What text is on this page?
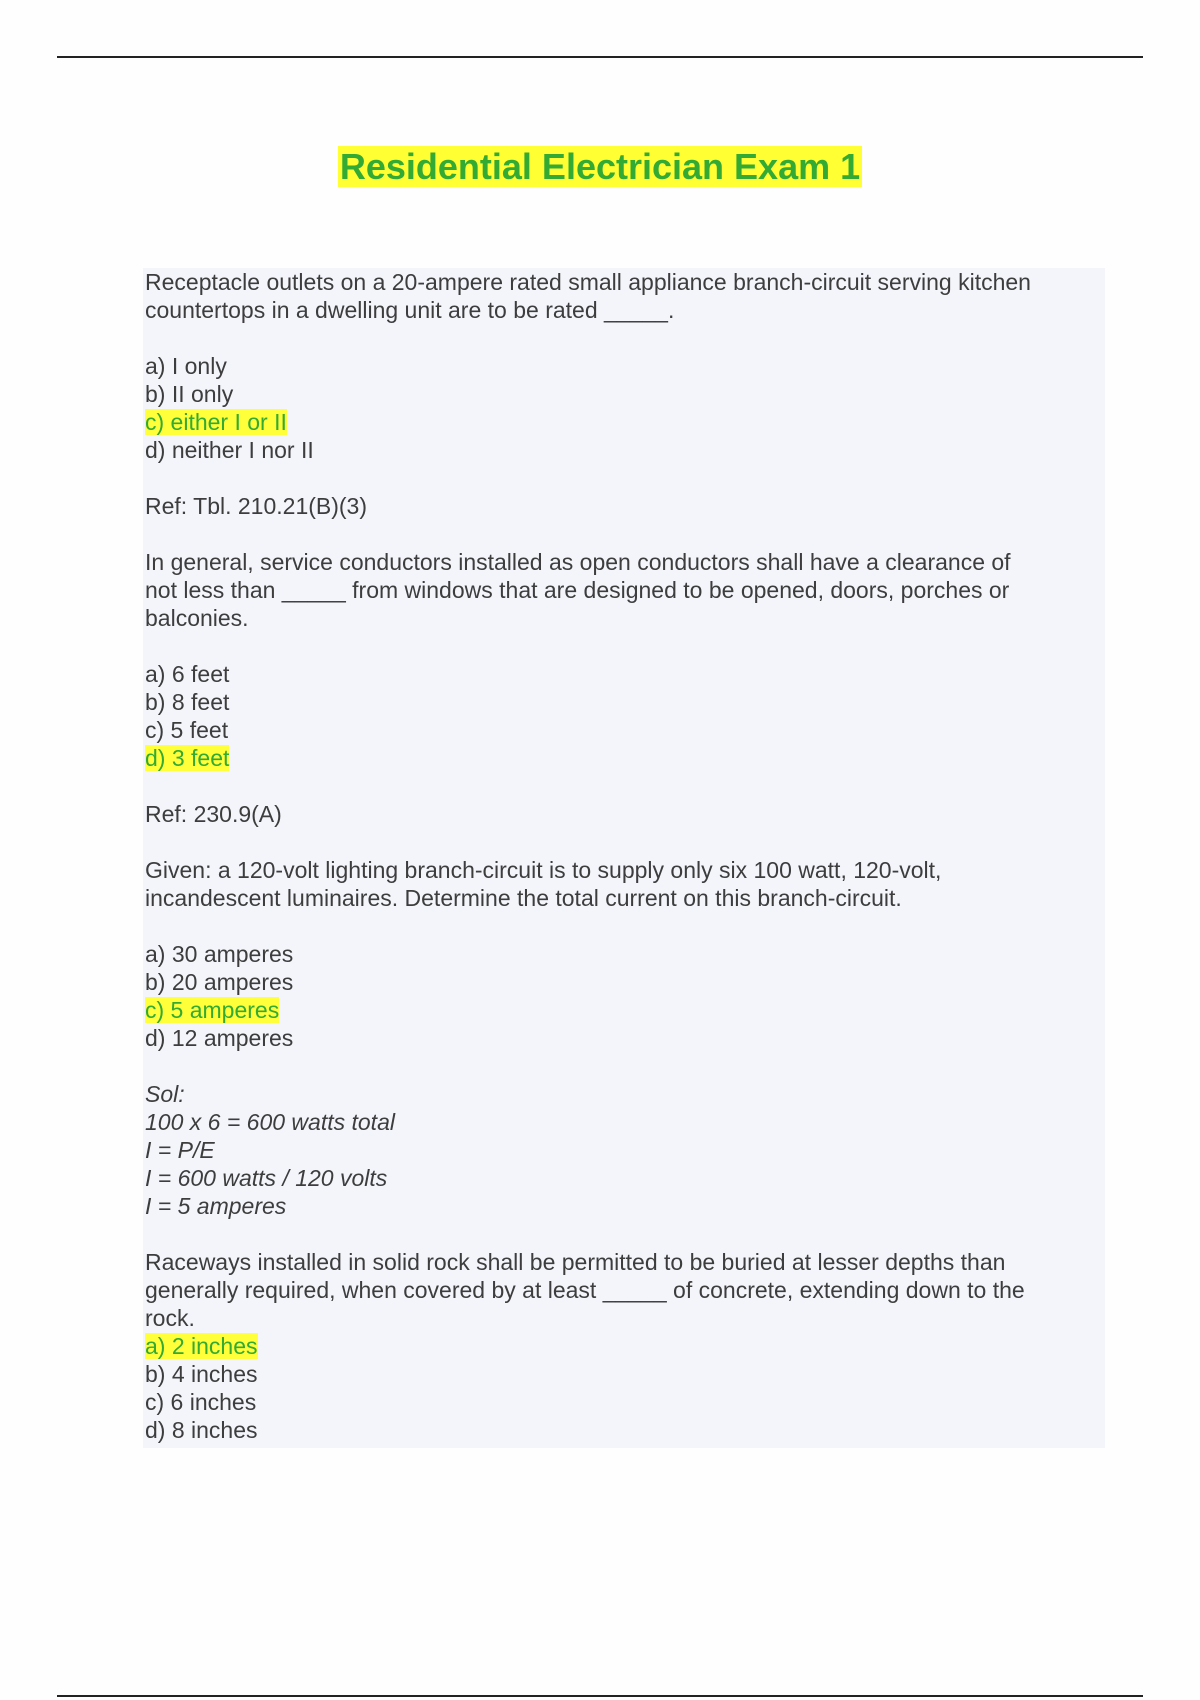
Residential Electrician Exam 1
Receptacle outlets on a 20-ampere rated small appliance branch-circuit serving kitchen
countertops in a dwelling unit are to be rated _____.
a) I only
b) II only
c) either I or II
d) neither I nor II
Ref: Tbl. 210.21(B)(3)
In general, service conductors installed as open conductors shall have a clearance of
not less than _____ from windows that are designed to be opened, doors, porches or
balconies.
a) 6 feet
b) 8 feet
c) 5 feet
d) 3 feet
Ref: 230.9(A)
Given: a 120-volt lighting branch-circuit is to supply only six 100 watt, 120-volt,
incandescent luminaires. Determine the total current on this branch-circuit.
a) 30 amperes
b) 20 amperes
c) 5 amperes
d) 12 amperes
Sol:
100 x 6 = 600 watts total
I = P/E
I = 600 watts / 120 volts
I = 5 amperes
Raceways installed in solid rock shall be permitted to be buried at lesser depths than
generally required, when covered by at least _____ of concrete, extending down to the
rock.
a) 2 inches
b) 4 inches
c) 6 inches
d) 8 inches
